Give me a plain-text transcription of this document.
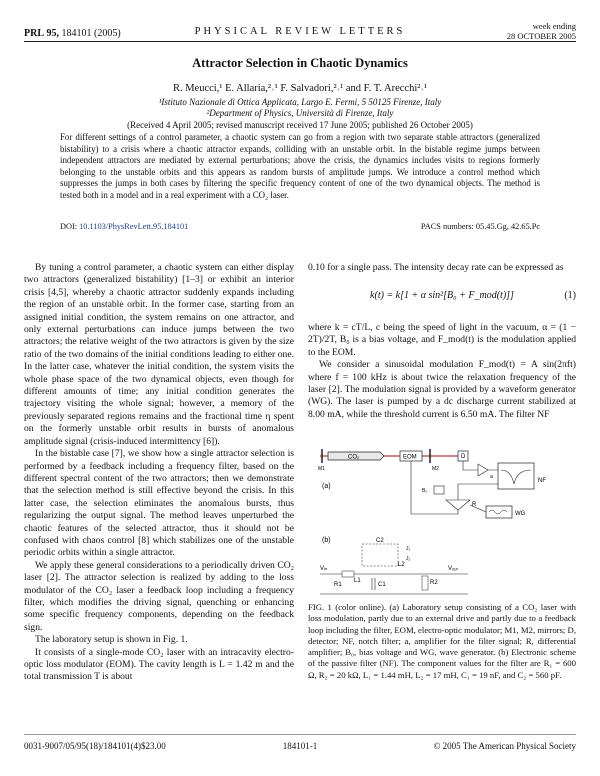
PRL 95, 184101 (2005)	PHYSICAL REVIEW LETTERS	week ending
28 OCTOBER 2005
Attractor Selection in Chaotic Dynamics
R. Meucci,¹ E. Allaria,²˒¹ F. Salvadori,²˒¹ and F. T. Arecchi²˒¹
¹Istituto Nazionale di Ottica Applicata, Largo E. Fermi, 5 50125 Firenze, Italy
²Department of Physics, Università di Firenze, Italy
(Received 4 April 2005; revised manuscript received 17 June 2005; published 26 October 2005)
For different settings of a control parameter, a chaotic system can go from a region with two separate stable attractors (generalized bistability) to a crisis where a chaotic attractor expands, colliding with an unstable orbit. In the bistable regime jumps between independent attractors are mediated by external perturbations; above the crisis, the dynamics includes visits to regions formerly belonging to the unstable orbits and this appears as random bursts of amplitude jumps. We introduce a control method which suppresses the jumps in both cases by filtering the specific frequency content of one of the two dynamical objects. The method is tested both in a model and in a real experiment with a CO₂ laser.
DOI: 10.1103/PhysRevLett.95.184101	PACS numbers: 05.45.Gg, 42.65.Pc

By tuning a control parameter, a chaotic system can either display two attractors (generalized bistability) [1–3] or exhibit an interior crisis [4,5], whereby a chaotic attractor suddenly expands including the region of an unstable orbit. In the former case, starting from an assigned initial condition, the system remains on one attractor, and only external perturbations can induce jumps between the two attractors; the relative weight of the two attractors is given by the size ratio of the two domains of the initial conditions leading to either one. In the latter case, whatever the initial condition, the system visits the whole phase space of the two dynamical objects, even though for different amounts of time; any initial condition generates the trajectory visiting the whole signal; however, a memory of the previously separated regions remains and the fractional time η spent on the formerly unstable orbit results in bursts of anomalous amplitude signal (crisis-induced intermittency [6]).

In the bistable case [7], we show how a single attractor selection is performed by a feedback including a frequency filter, based on the different spectral content of the two attractors; then we demonstrate that the selection method is still effective beyond the crisis. In this latter case, the selection eliminates the anomalous bursts, thus regularizing the output signal. The method leaves unperturbed the chaotic features of the selected attractor, thus it should not be confused with chaos control [8] which stabilizes one of the unstable periodic orbits within a single attractor.

We apply these general considerations to a periodically driven CO₂ laser [2]. The attractor selection is realized by adding to the loss modulator of the CO₂ laser a feedback loop including a frequency filter, which modifies the driving signal, quenching or enhancing some specific frequency components, depending on the feedback sign.

The laboratory setup is shown in Fig. 1.

It consists of a single-mode CO₂ laser with an intracavity electro-optic loss modulator (EOM). The cavity length is L = 1.42 m and the total transmission T is about

0.10 for a single pass. The intensity decay rate can be expressed as

k(t) = k[1 + α sin²[B₀ + F_mod(t)]]	(1)

where k = cT/L, c being the speed of light in the vacuum, α = (1 − 2T)/2T, B₀ is a bias voltage, and F_mod(t) is the modulation applied to the EOM.

We consider a sinusoidal modulation F_mod(t) = A sin(2πft) where f = 100 kHz is about twice the relaxation frequency of the laser [2]. The modulation signal is provided by a waveform generator (WG). The laser is pumped by a dc discharge current stabilized at 8.00 mA, while the threshold current is 6.50 mA. The filter NF

(a)
CO₂	EOM
M1	M2
D
a
NF
R
B₀
WG
(b)
Vᵢₙ	Vₒᵤₜ
C2
L1
L2
C1
R1	R2
J₁
J₂
FIG. 1 (color online). (a) Laboratory setup consisting of a CO₂ laser with loss modulation, partly due to an external drive and partly due to a feedback loop including the filter, EOM, electro-optic modulator; M1, M2, mirrors; D, detector; NF, notch filter; a, amplifier for the filter signal; R, differential amplifier; B₀, bias voltage and WG, wave generator. (b) Electronic scheme of the passive filter (NF). The component values for the filter are R₁ = 600 Ω, R₂ = 20 kΩ, L₁ = 1.44 mH, L₂ = 17 mH, C₁ = 19 nF, and C₂ = 560 pF.
0031-9007/05/95(18)/184101(4)$23.00	184101-1	© 2005 The American Physical Society
